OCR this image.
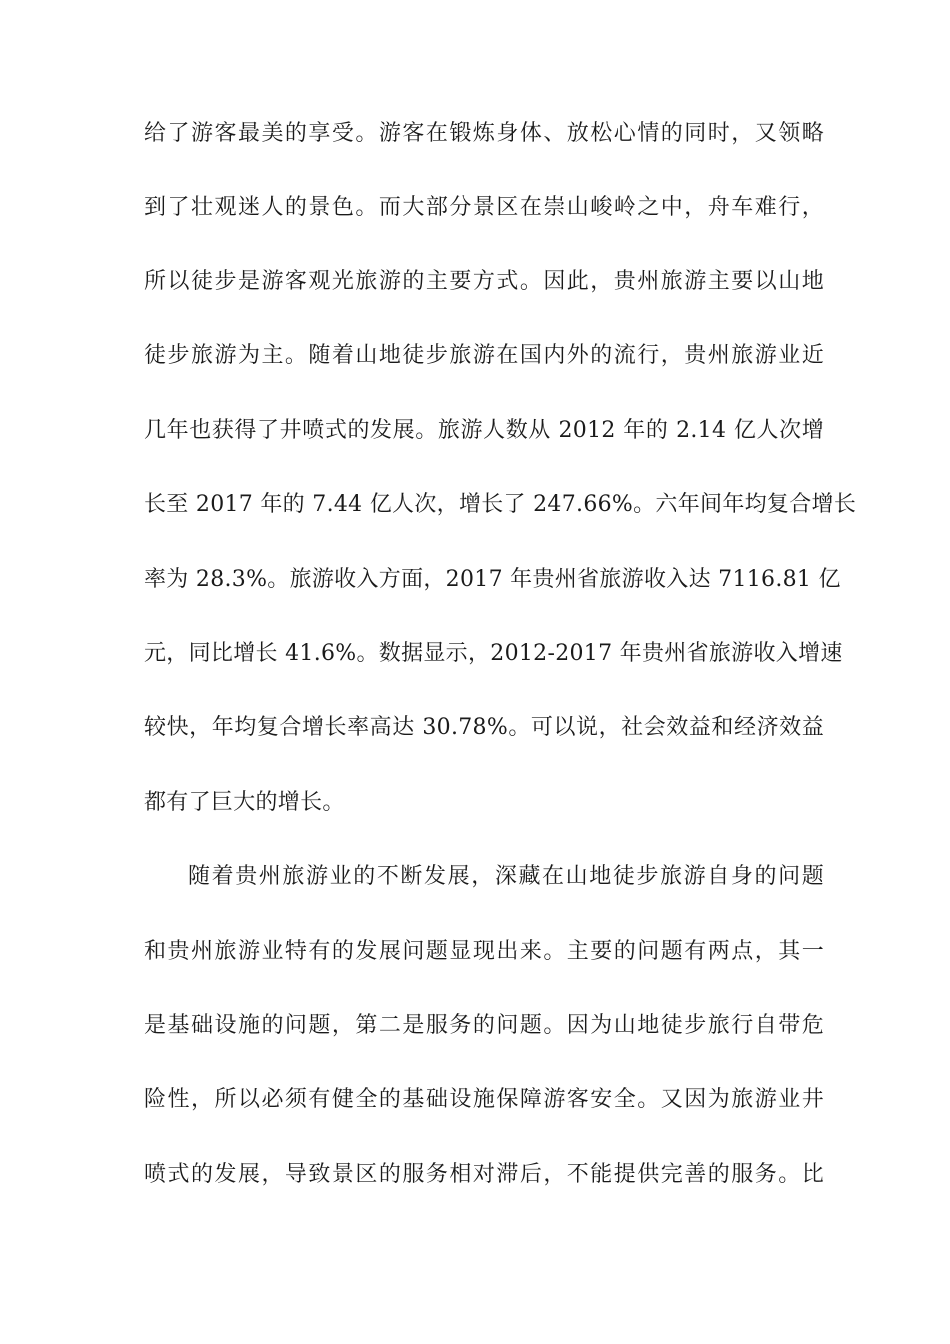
给了游客最美的享受。游客在锻炼身体、放松心情的同时，又领略
到了壮观迷人的景色。而大部分景区在崇山峻岭之中，舟车难行，
所以徒步是游客观光旅游的主要方式。因此，贵州旅游主要以山地
徒步旅游为主。随着山地徒步旅游在国内外的流行，贵州旅游业近
几年也获得了井喷式的发展。旅游人数从 2012 年的 2.14 亿人次增
长至 2017 年的 7.44 亿人次，增长了 247.66%。六年间年均复合增长
率为 28.3%。旅游收入方面，2017 年贵州省旅游收入达 7116.81 亿
元，同比增长 41.6%。数据显示，2012-2017 年贵州省旅游收入增速
较快，年均复合增长率高达 30.78%。可以说，社会效益和经济效益
都有了巨大的增长。
随着贵州旅游业的不断发展，深藏在山地徒步旅游自身的问题
和贵州旅游业特有的发展问题显现出来。主要的问题有两点，其一
是基础设施的问题，第二是服务的问题。因为山地徒步旅行自带危
险性，所以必须有健全的基础设施保障游客安全。又因为旅游业井
喷式的发展，导致景区的服务相对滞后，不能提供完善的服务。比
